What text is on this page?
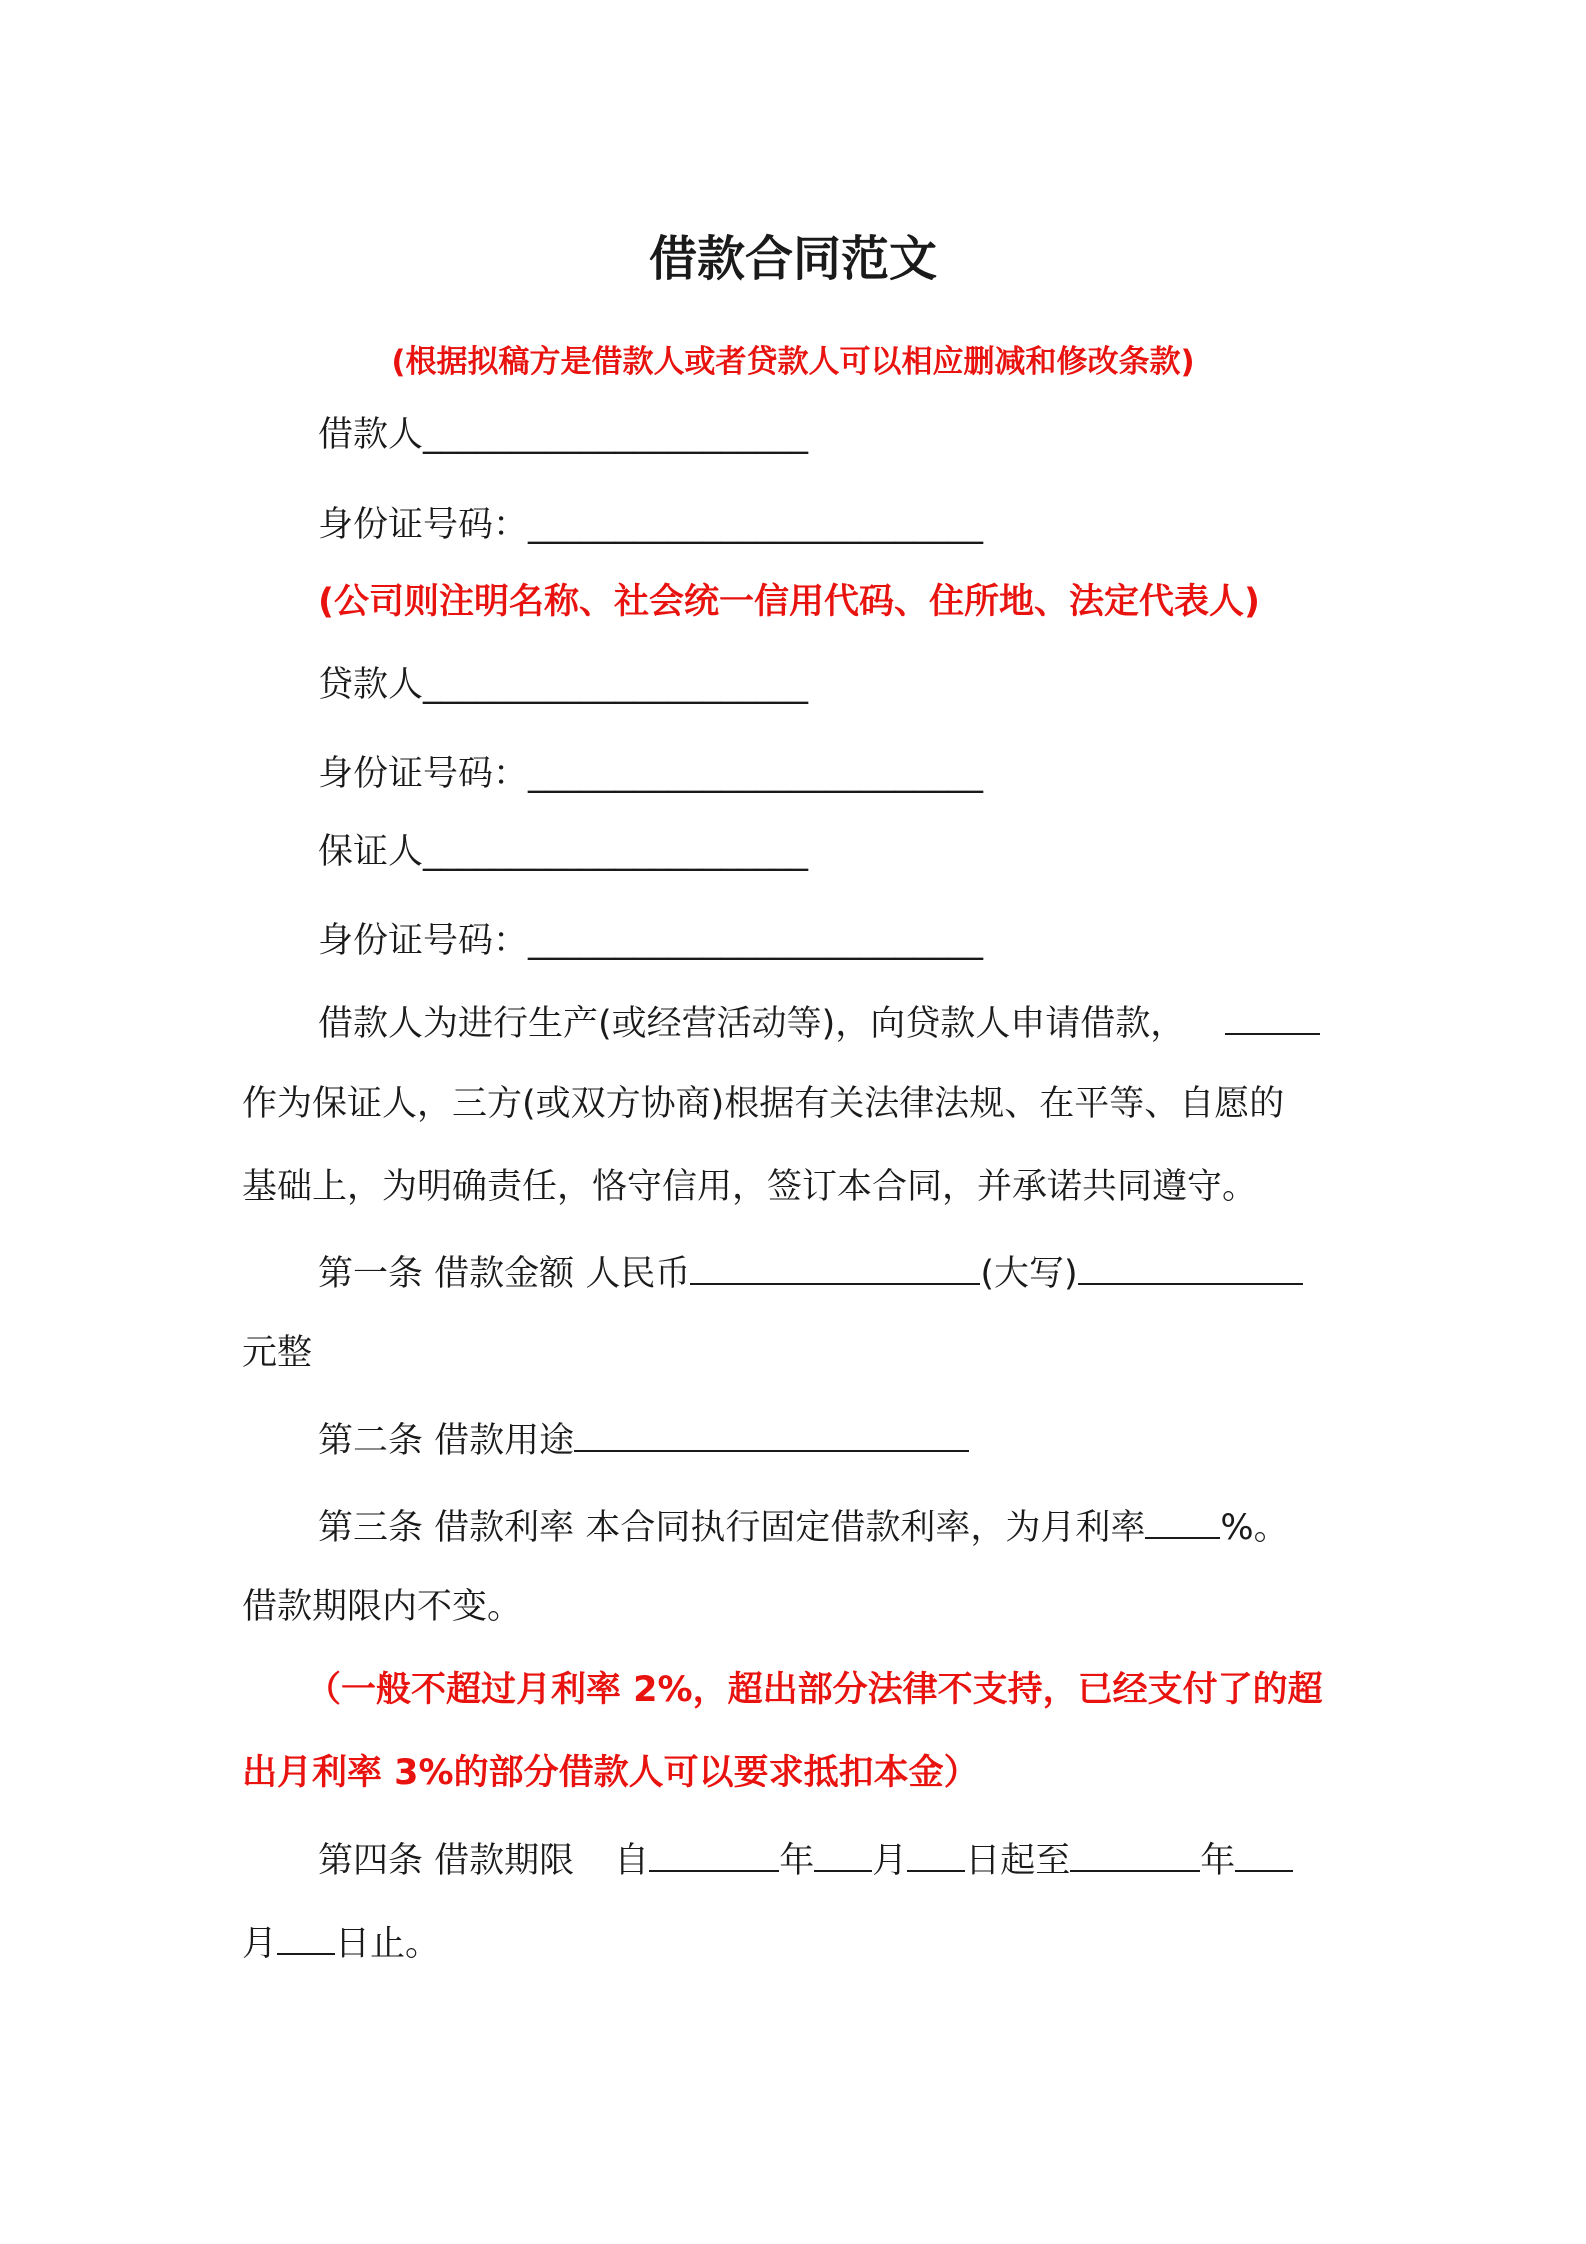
借款合同范文
(根据拟稿方是借款人或者贷款人可以相应删减和修改条款)
借款人______________________
身份证号码：__________________________
(公司则注明名称、社会统一信用代码、住所地、法定代表人)
贷款人______________________
身份证号码：__________________________
保证人______________________
身份证号码：__________________________
借款人为进行生产(或经营活动等)，向贷款人申请借款，
作为保证人，三方(或双方协商)根据有关法律法规、在平等、自愿的
基础上，为明确责任，恪守信用，签订本合同，并承诺共同遵守。
第一条 借款金额 人民币	(大写)
元整
第二条 借款用途
第三条 借款利率 本合同执行固定借款利率，为月利率 %。
借款期限内不变。
（一般不超过月利率 2%，超出部分法律不支持，已经支付了的超
出月利率 3%的部分借款人可以要求抵扣本金）
第四条 借款期限 自	年 月 日起至	年
月 日止。
